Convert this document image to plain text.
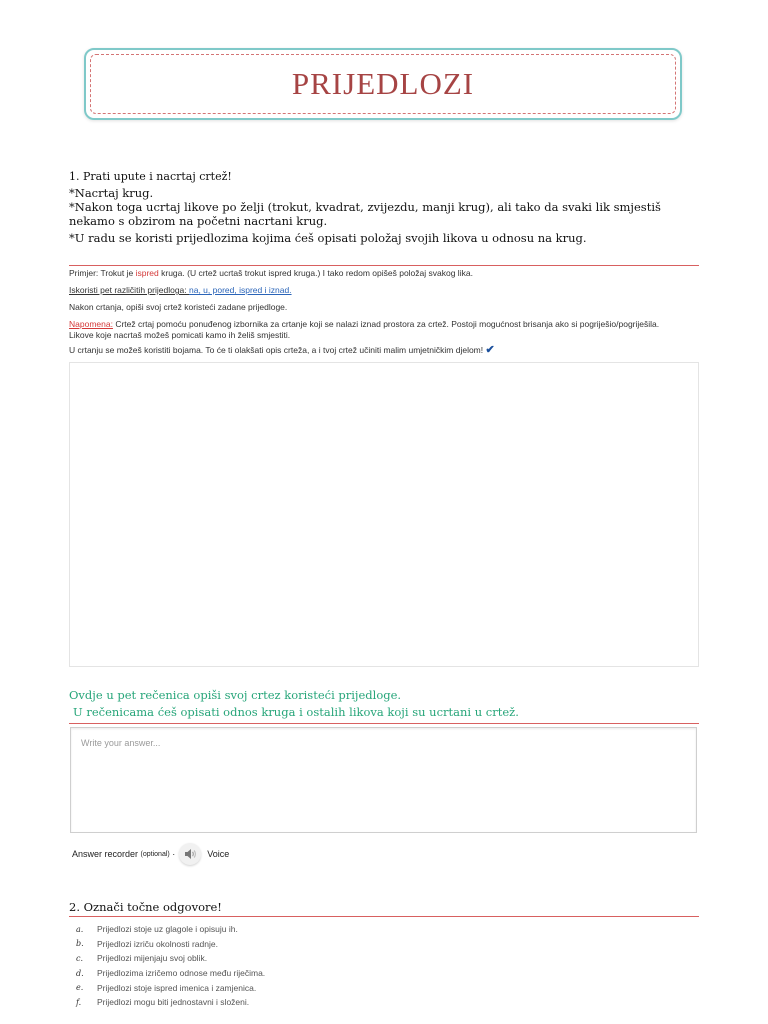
PRIJEDLOZI
1. Prati upute i nacrtaj crtež!
*Nacrtaj krug.
*Nakon toga ucrtaj likove po želji (trokut, kvadrat, zvijezdu, manji krug), ali tako da svaki lik smjestiš
nekamo s obzirom na početni nacrtani krug.
*U radu se koristi prijedlozima kojima ćeš opisati položaj svojih likova u odnosu na krug.
Primjer: Trokut je ispred kruga. (U crtež ucrtaš trokut ispred kruga.) I tako redom opišeš položaj svakog lika.
Iskoristi pet različitih prijedloga: na, u, pored, ispred i iznad.
Nakon crtanja, opiši svoj crtež koristeći zadane prijedloge.
Napomena: Crtež crtaj pomoću ponuđenog izbornika za crtanje koji se nalazi iznad prostora za crtež. Postoji mogućnost brisanja ako si pogriješio/pogriješila.
Likove koje nacrtaš možeš pomicati kamo ih želiš smjestiti.
U crtanju se možeš koristiti bojama. To će ti olakšati opis crteža, a i tvoj crtež učiniti malim umjetničkim djelom! ✔
Ovdje u pet rečenica opiši svoj crtez koristeći prijedloge.
U rečenicama ćeš opisati odnos kruga i ostalih likova koji su ucrtani u crtež.
Write your answer...
Answer recorder
(optional)
·	Voice
2. Označi točne odgovore!
a.	Prijedlozi stoje uz glagole i opisuju ih.
b.	Prijedlozi izriču okolnosti radnje.
c.	Prijedlozi mijenjaju svoj oblik.
d.	Prijedlozima izričemo odnose među riječima.
e.	Prijedlozi stoje ispred imenica i zamjenica.
f.	Prijedlozi mogu biti jednostavni i složeni.
